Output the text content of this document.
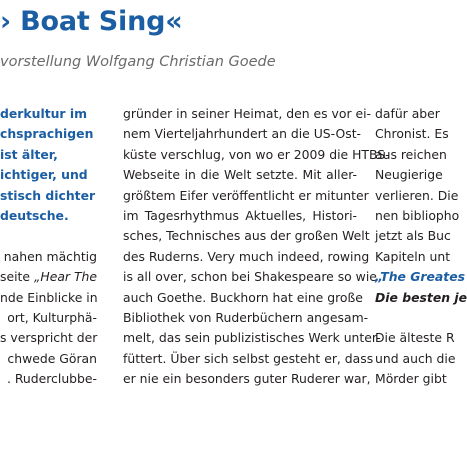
› Boat Sing«
vorstellung Wolfgang Christian Goede
derkultur im
chsprachigen
ist älter,
ichtiger, und
stisch dichter
deutsche.
nahen mächtig
seite „Hear The
nde Einblicke in
ort, Kulturphä-
s verspricht der
chwede Göran
. Ruderclubbe-
gründer in seiner Heimat, den es vor ei-
nem Vierteljahrhundert an die US-Ost-
küste verschlug, von wo er 2009 die HTBS-
Webseite in die Welt setzte. Mit aller-
größtem Eifer veröffentlicht er mitunter
im Tagesrhythmus Aktuelles, Histori-
sches, Technisches aus der großen Welt
des Ruderns. Very much indeed, rowing
is all over, schon bei Shakespeare so wie
auch Goethe. Buckhorn hat eine große
Bibliothek von Ruderbüchern angesam-
melt, das sein publizistisches Werk unter-
füttert. Über sich selbst gesteht er, dass
er nie ein besonders guter Ruderer war,
dafür aber
Chronist. Es
aus reichen
Neugierige
verlieren. Die
nen bibliopho
jetzt als Buc
Kapiteln unt
„The Greates
Die besten je
Die älteste R
und auch die
Mörder gibt
